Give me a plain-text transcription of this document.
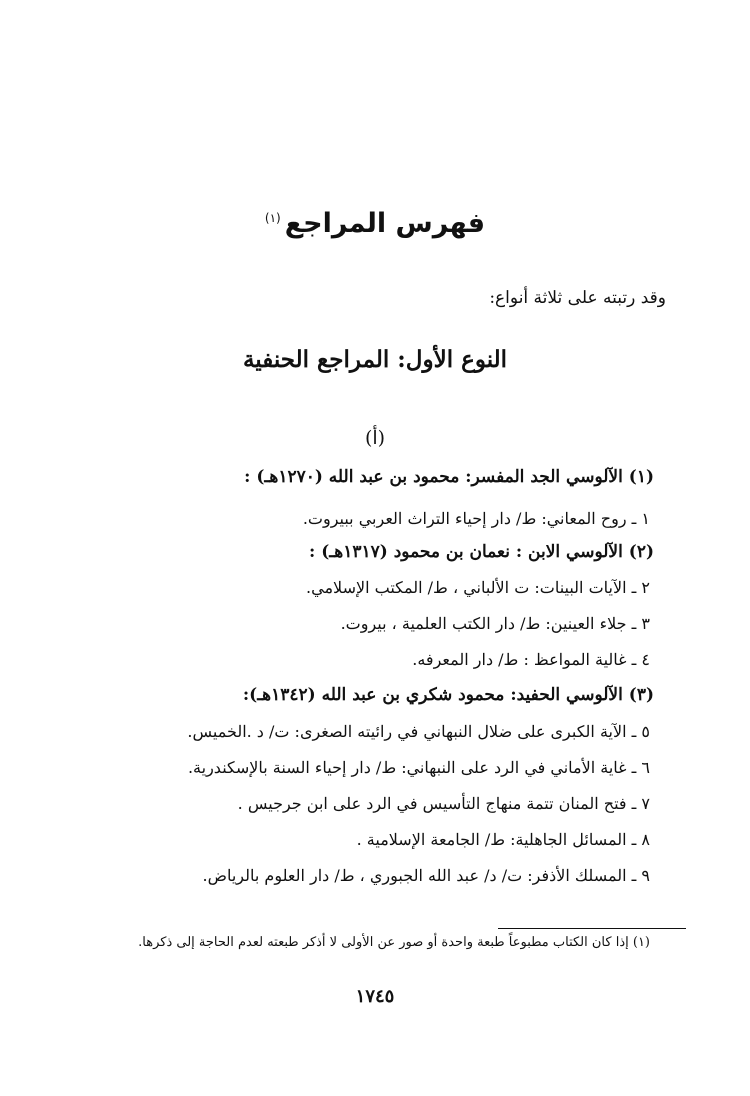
فهرس المراجع$^{(١)}$
وقد رتبته على ثلاثة أنواع:
النوع الأول: المراجع الحنفية
(أ)
(١) الآلوسي الجد المفسر: محمود بن عبد الله (١٢٧٠هـ) :
١ ـ روح المعاني: ط/ دار إحياء التراث العربي ببيروت.
(٢) الآلوسي الابن : نعمان بن محمود (١٣١٧هـ) :
٢ ـ الآيات البينات: ت الألباني ، ط/ المكتب الإسلامي.
٣ ـ جلاء العينين: ط/ دار الكتب العلمية ، بيروت.
٤ ـ غالية المواعظ : ط/ دار المعرفه.
(٣) الآلوسي الحفيد: محمود شكري بن عبد الله (١٣٤٢هـ):
٥ ـ الآية الكبرى على ضلال النبهاني في رائيته الصغرى: ت/ د .الخميس.
٦ ـ غاية الأماني في الرد على النبهاني: ط/ دار إحياء السنة بالإسكندرية.
٧ ـ فتح المنان تتمة منهاج التأسيس في الرد على ابن جرجيس .
٨ ـ المسائل الجاهلية: ط/ الجامعة الإسلامية .
٩ ـ المسلك الأذفر: ت/ د/ عبد الله الجبوري ، ط/ دار العلوم بالرياض.
(١) إذا كان الكتاب مطبوعاً طبعة واحدة أو صور عن الأولى لا أذكر طبعته لعدم الحاجة إلى ذكرها.
١٧٤٥
